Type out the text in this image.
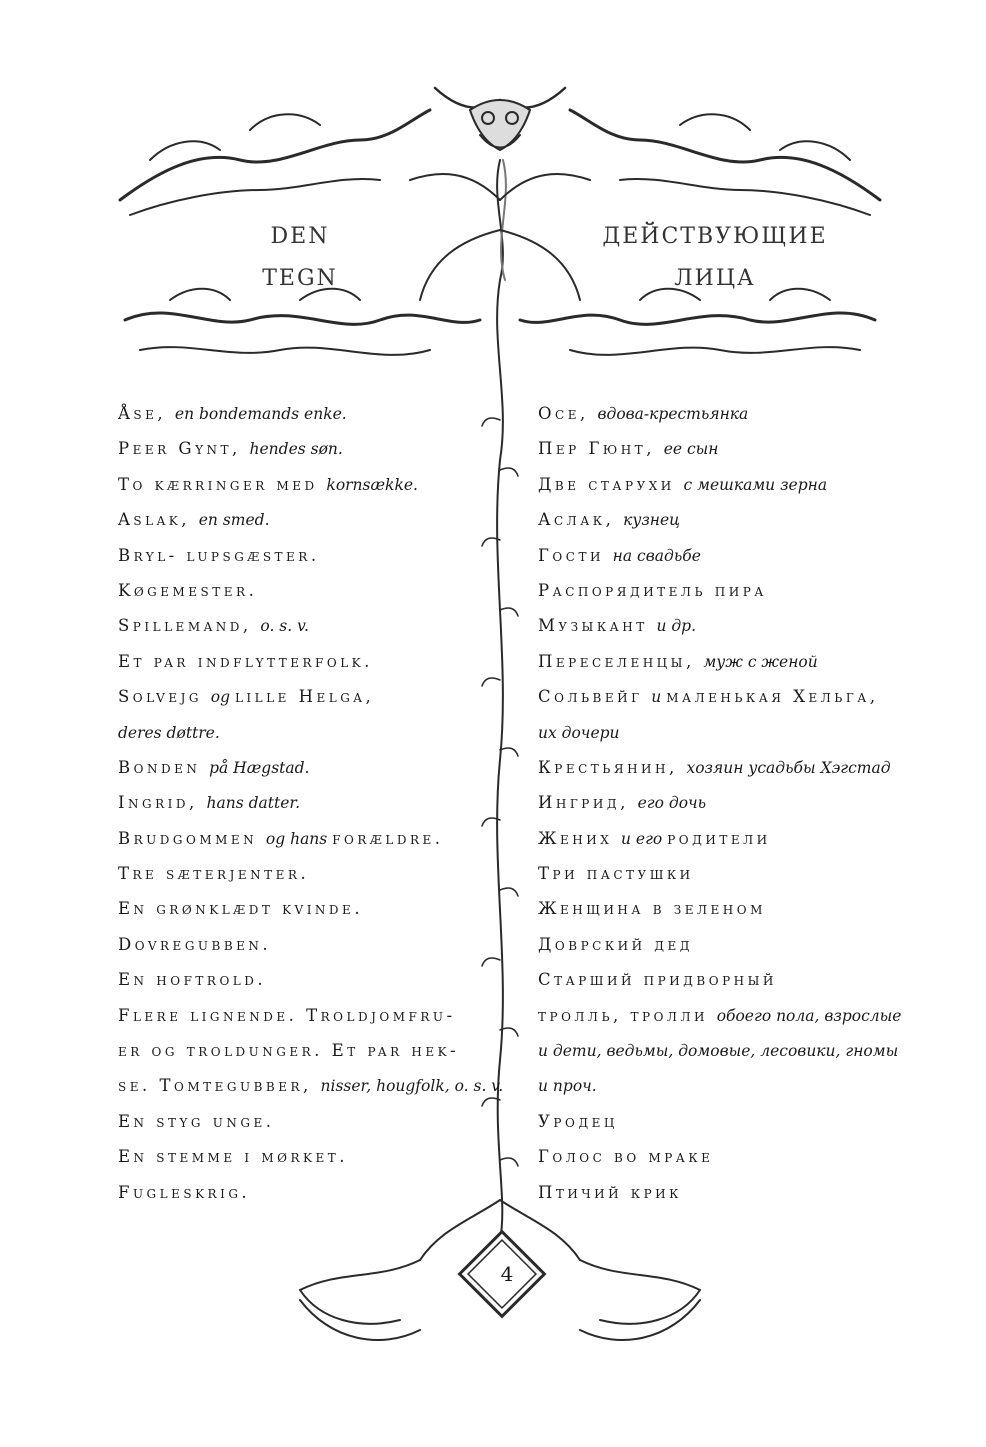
DEN
TEGN
ДЕЙСТВУЮЩИЕ
ЛИЦА
Åse, en bondemands enke.
Peer Gynt, hendes søn.
To kærringer med kornsække.
Aslak, en smed.
Bryl- lupsgæster.
Køgemester.
Spillemand, o. s. v.
Et par indflytterfolk.
Solvejg og lille Helga,
deres døttre.
Bonden på Hægstad.
Ingrid, hans datter.
Brudgommen og hans forældre.
Tre sæterjenter.
En grønklædt kvinde.
Dovregubben.
En hoftrold.
Flere lignende. Troldjomfru-
er og troldunger. Et par hek-
se. Tomtegubber, nisser, hougfolk, o. s. v.
En styg unge.
En stemme i mørket.
Fugleskrig.
Осе, вдова-крестьянка
Пер Гюнт, ее сын
Две старухи с мешками зерна
Аслак, кузнец
Гости на свадьбе
Распорядитель пира
Музыкант и др.
Переселенцы, муж с женой
Сольвейг и маленькая Хельга,
их дочери
Крестьянин, хозяин усадьбы Хэгстад
Ингрид, его дочь
Жених и его родители
Три пастушки
Женщина в зеленом
Доврский дед
Старший придворный
тролль, тролли обоего пола, взрослые
и дети, ведьмы, домовые, лесовики, гномы
и проч.
Уродец
Голос во мраке
Птичий крик
4
